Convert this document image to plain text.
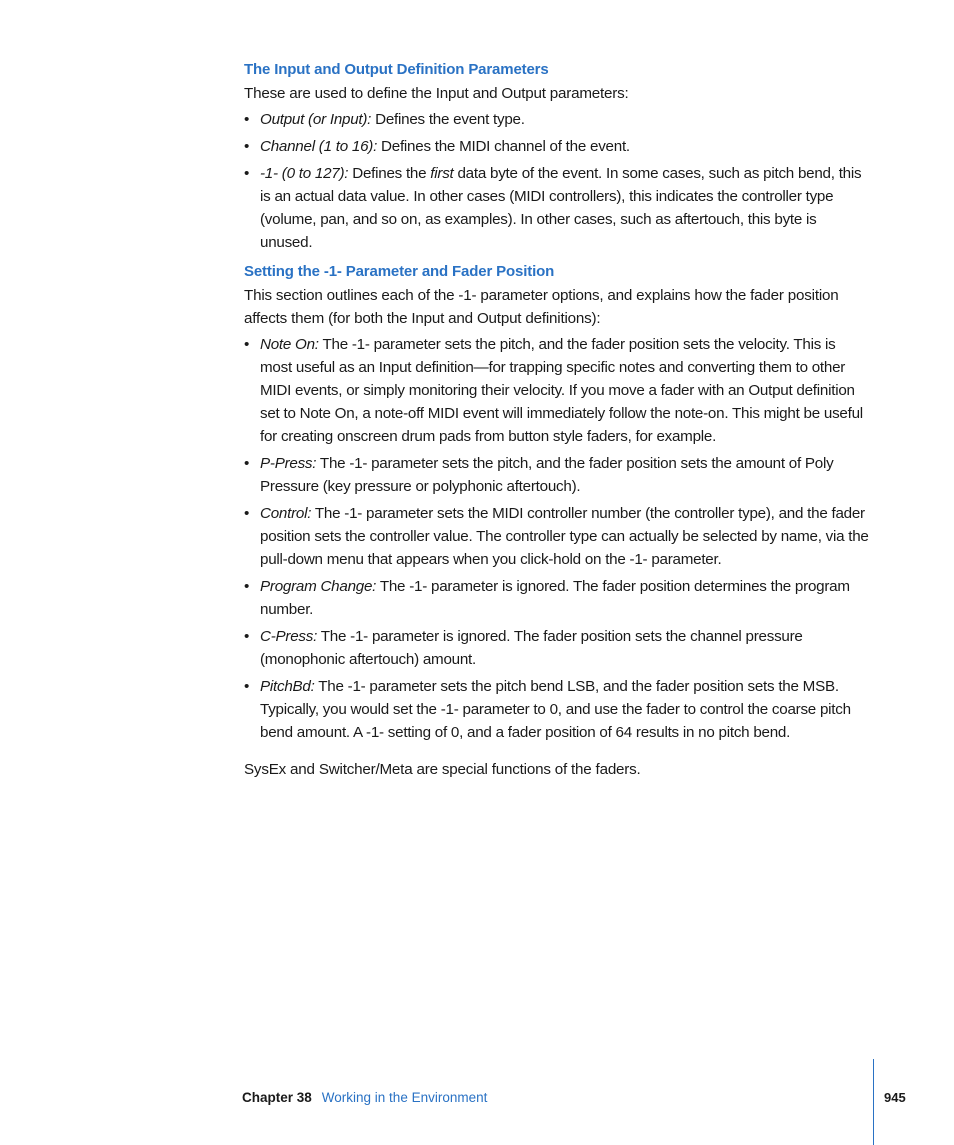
The Input and Output Definition Parameters

These are used to define the Input and Output parameters:

• Output (or Input): Defines the event type.
• Channel (1 to 16): Defines the MIDI channel of the event.
• -1- (0 to 127): Defines the first data byte of the event. In some cases, such as pitch bend, this is an actual data value. In other cases (MIDI controllers), this indicates the controller type (volume, pan, and so on, as examples). In other cases, such as aftertouch, this byte is unused.
Setting the -1- Parameter and Fader Position

This section outlines each of the -1- parameter options, and explains how the fader position affects them (for both the Input and Output definitions):

• Note On: The -1- parameter sets the pitch, and the fader position sets the velocity. This is most useful as an Input definition—for trapping specific notes and converting them to other MIDI events, or simply monitoring their velocity. If you move a fader with an Output definition set to Note On, a note-off MIDI event will immediately follow the note-on. This might be useful for creating onscreen drum pads from button style faders, for example.
• P-Press: The -1- parameter sets the pitch, and the fader position sets the amount of Poly Pressure (key pressure or polyphonic aftertouch).
• Control: The -1- parameter sets the MIDI controller number (the controller type), and the fader position sets the controller value. The controller type can actually be selected by name, via the pull-down menu that appears when you click-hold on the -1- parameter.
• Program Change: The -1- parameter is ignored. The fader position determines the program number.
• C-Press: The -1- parameter is ignored. The fader position sets the channel pressure (monophonic aftertouch) amount.
• PitchBd: The -1- parameter sets the pitch bend LSB, and the fader position sets the MSB. Typically, you would set the -1- parameter to 0, and use the fader to control the coarse pitch bend amount. A -1- setting of 0, and a fader position of 64 results in no pitch bend.

SysEx and Switcher/Meta are special functions of the faders.

Chapter 38 Working in the Environment	945
